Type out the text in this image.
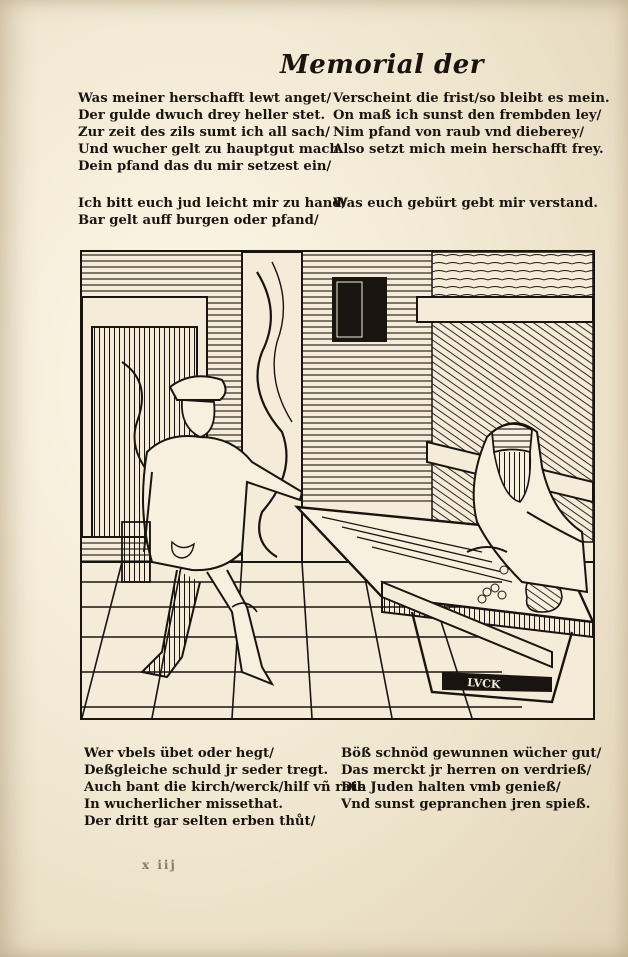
Memorial der
Was meiner herschafft lewt anget/
Der gulde dwuch drey heller stet.
Zur zeit des zils sumt ich all sach/
Und wucher gelt zu hauptgut mach.
Dein pfand das du mir setzest ein/
Verscheint die frist/so bleibt es mein.
On maß ich sunst den frembden ley/
Nim pfand von raub vnd dieberey/
Also setzt mich mein herschafft frey.
Ich bitt euch jud leicht mir zu hand/
Bar gelt auff burgen oder pfand/
Was euch gebürt gebt mir verstand.
LVCK
Wer vbels übet oder hegt/
Deßgleiche schuld jr seder tregt.
Auch bant die kirch/werck/hilf vñ rath
In wucherlicher missethat.
Der dritt gar selten erben thůt/
Böß schnöd gewunnen wücher gut/
Das merckt jr herren on verdrieß/
Die Juden halten vmb genieß/
Vnd sunst gepranchen jren spieß.
x iij
